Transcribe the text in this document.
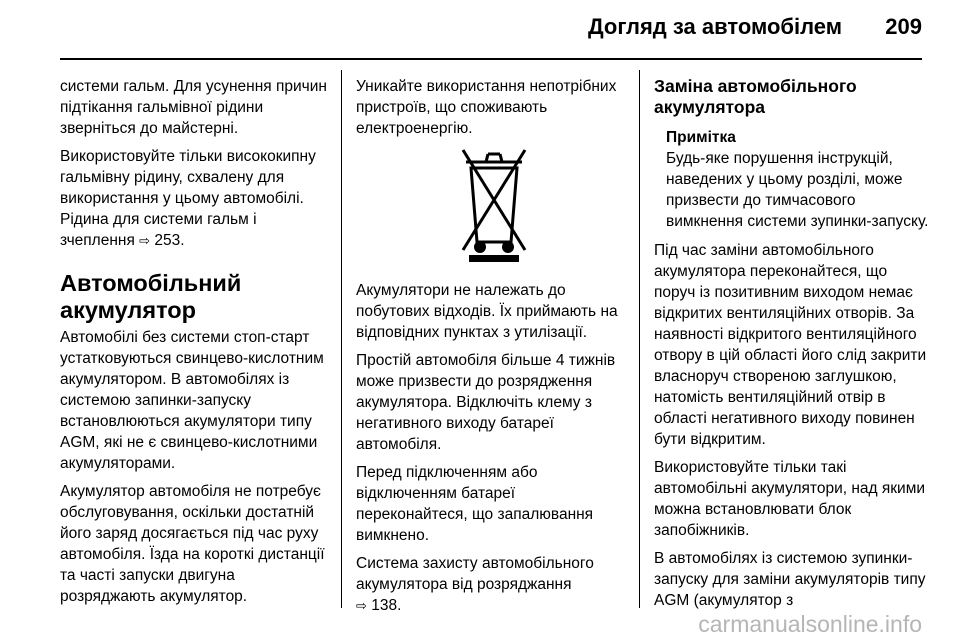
Догляд за автомобілем 209

системи гальм. Для усунення причин підтікання гальмівної рідини зверніться до майстерні.

Використовуйте тільки висококипну гальмівну рідину, схвалену для використання у цьому автомобілі. Рідина для системи гальм і зчеплення ⇨ 253.

Автомобільний акумулятор

Автомобілі без системи стоп-старт устатковуються свинцево-кислотним акумулятором. В автомобілях із системою запинки-запуску встановлюються акумулятори типу AGM, які не є свинцево-кислотними акумуляторами.

Акумулятор автомобіля не потребує обслуговування, оскільки достатній його заряд досягається під час руху автомобіля. Їзда на короткі дистанції та часті запуски двигуна розряджають акумулятор.

Уникайте використання непотрібних пристроїв, що споживають електроенергію.

Акумулятори не належать до побутових відходів. Їх приймають на відповідних пунктах з утилізації.

Простій автомобіля більше 4 тижнів може призвести до розрядження акумулятора. Відключіть клему з негативного виходу батареї автомобіля.

Перед підключенням або відключенням батареї переконайтеся, що запалювання вимкнено.

Система захисту автомобільного акумулятора від розряджання
⇨ 138.

Заміна автомобільного акумулятора
Примітка
Будь-яке порушення інструкцій, наведених у цьому розділі, може призвести до тимчасового вимкнення системи зупинки-запуску.

Під час заміни автомобільного акумулятора переконайтеся, що поруч із позитивним виходом немає відкритих вентиляційних отворів. За наявності відкритого вентиляційного отвору в цій області його слід закрити власноруч створеною заглушкою, натомість вентиляційний отвір в області негативного виходу повинен бути відкритим.

Використовуйте тільки такі автомобільні акумулятори, над якими можна встановлювати блок запобіжників.

В автомобілях із системою зупинки-запуску для заміни акумуляторів типу AGM (акумулятор з

carmanualsonline.info
